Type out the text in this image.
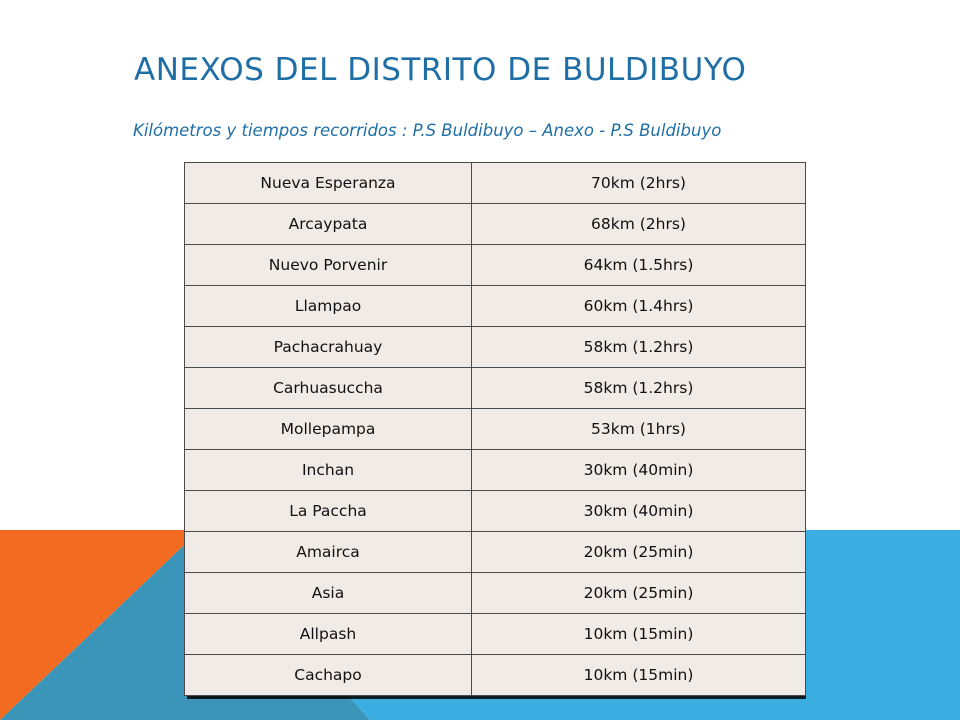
ANEXOS DEL DISTRITO DE BULDIBUYO

Kilómetros y tiempos recorridos : P.S Buldibuyo – Anexo - P.S Buldibuyo

Nueva Esperanza	70km (2hrs)
Arcaypata	68km (2hrs)
Nuevo Porvenir	64km (1.5hrs)
Llampao	60km (1.4hrs)
Pachacrahuay	58km (1.2hrs)
Carhuasuccha	58km (1.2hrs)
Mollepampa	53km (1hrs)
Inchan	30km (40min)
La Paccha	30km (40min)
Amairca	20km (25min)
Asia	20km (25min)
Allpash	10km (15min)
Cachapo	10km (15min)
